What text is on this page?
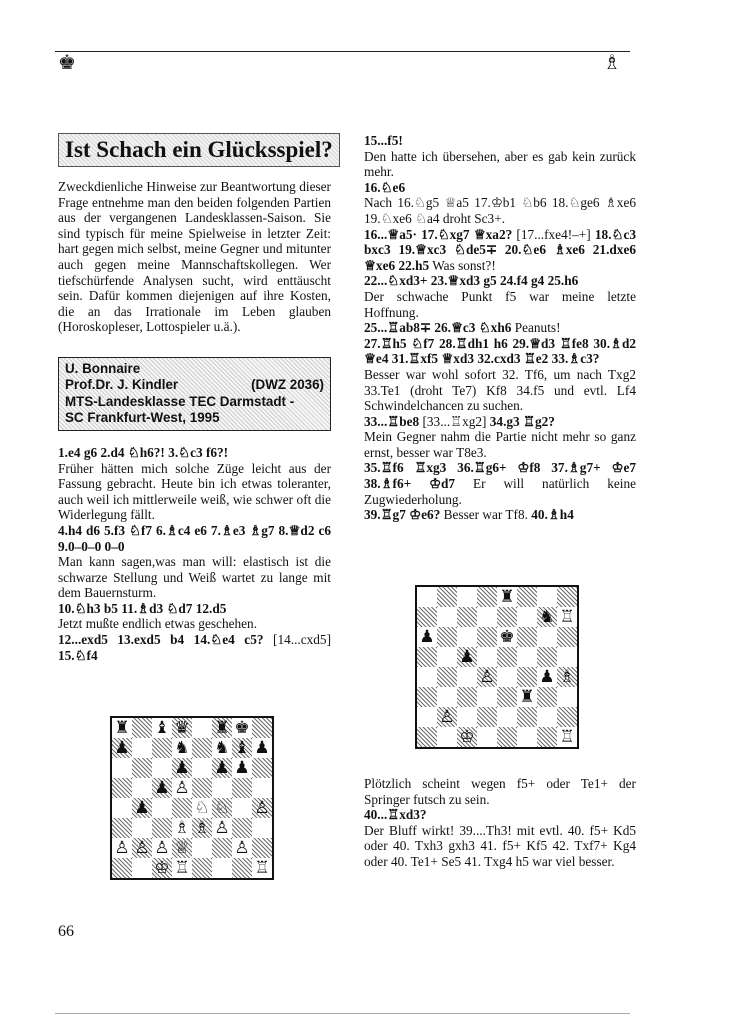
♚	♗
Ist Schach ein Glücksspiel?

Zweckdienliche Hinweise zur Beantwortung dieser Frage entnehme man den beiden folgenden Partien aus der vergangenen Landesklassen-Saison. Sie sind typisch für meine Spielweise in letzter Zeit: hart gegen mich selbst, meine Gegner und mitunter auch gegen meine Mannschaftskollegen. Wer tiefschürfende Analysen sucht, wird enttäuscht sein. Dafür kommen diejenigen auf ihre Kosten, die an das Irrationale im Leben glauben (Horoskopleser, Lottospieler u.ä.).

U. Bonnaire
Prof.Dr. J. Kindler	(DWZ 2036)
MTS-Landesklasse TEC Darmstadt -
SC Frankfurt-West, 1995

1.e4 g6 2.d4 ♘h6?! 3.♘c3 f6?!

Früher hätten mich solche Züge leicht aus der Fassung gebracht. Heute bin ich etwas toleranter, auch weil ich mittlerweile weiß, wie schwer oft die Widerlegung fällt.

4.h4 d6 5.f3 ♘f7 6.♗c4 e6 7.♗e3 ♗g7 8.♕d2 c6 9.0–0–0 0–0

Man kann sagen,was man will: elastisch ist die schwarze Stellung und Weiß wartet zu lange mit dem Bauernsturm.

10.♘h3 b5 11.♗d3 ♘d7 12.d5

Jetzt mußte endlich etwas geschehen.

12...exd5 13.exd5 b4 14.♘e4 c5? [14...cxd5] 15.♘f4

♜ ♝ ♛ ♜ ♚
♟	♞ ♞ ♝ ♟
♟ ♟ ♟
♟ ♙
♟	♘ ♘ ♙
♗ ♗ ♙
♙ ♙ ♙ ♕	♙
♔ ♖	♖

15...f5!

Den hatte ich übersehen, aber es gab kein zurück mehr.

16.♘e6

Nach 16.♘g5 ♕a5 17.♔b1 ♘b6 18.♘ge6 ♗xe6 19.♘xe6 ♘a4 droht Sc3+.

16...♕a5· 17.♘xg7 ♕xa2? [17...fxe4!–+] 18.♘c3 bxc3 19.♕xc3 ♘de5∓ 20.♘e6 ♗xe6 21.dxe6 ♕xe6 22.h5 Was sonst?!

22...♘xd3+ 23.♕xd3 g5 24.f4 g4 25.h6

Der schwache Punkt f5 war meine letzte Hoffnung.

25...♖ab8∓ 26.♕c3 ♘xh6 Peanuts!

27.♖h5 ♘f7 28.♖dh1 h6 29.♕d3 ♖fe8 30.♗d2 ♕e4 31.♖xf5 ♕xd3 32.cxd3 ♖e2 33.♗c3?

Besser war wohl sofort 32. Tf6, um nach Txg2 33.Te1 (droht Te7) Kf8 34.f5 und evtl. Lf4 Schwindelchancen zu suchen.

33...♖be8 [33...♖xg2] 34.g3 ♖g2?

Mein Gegner nahm die Partie nicht mehr so ganz ernst, besser war T8e3.

35.♖f6 ♖xg3 36.♖g6+ ♔f8 37.♗g7+ ♔e7 38.♗f6+ ♔d7 Er will natürlich keine Zugwiederholung.

39.♖g7 ♔e6? Besser war Tf8. 40.♗h4

♜
♞ ♖
♟	♚
♟
♙	♟ ♗
♜
♙
♔	♖

Plötzlich scheint wegen f5+ oder Te1+ der Springer futsch zu sein.

40...♖xd3?

Der Bluff wirkt! 39....Th3! mit evtl. 40. f5+ Kd5 oder 40. Txh3 gxh3 41. f5+ Kf5 42. Txf7+ Kg4 oder 40. Te1+ Se5 41. Txg4 h5 war viel besser.

66
